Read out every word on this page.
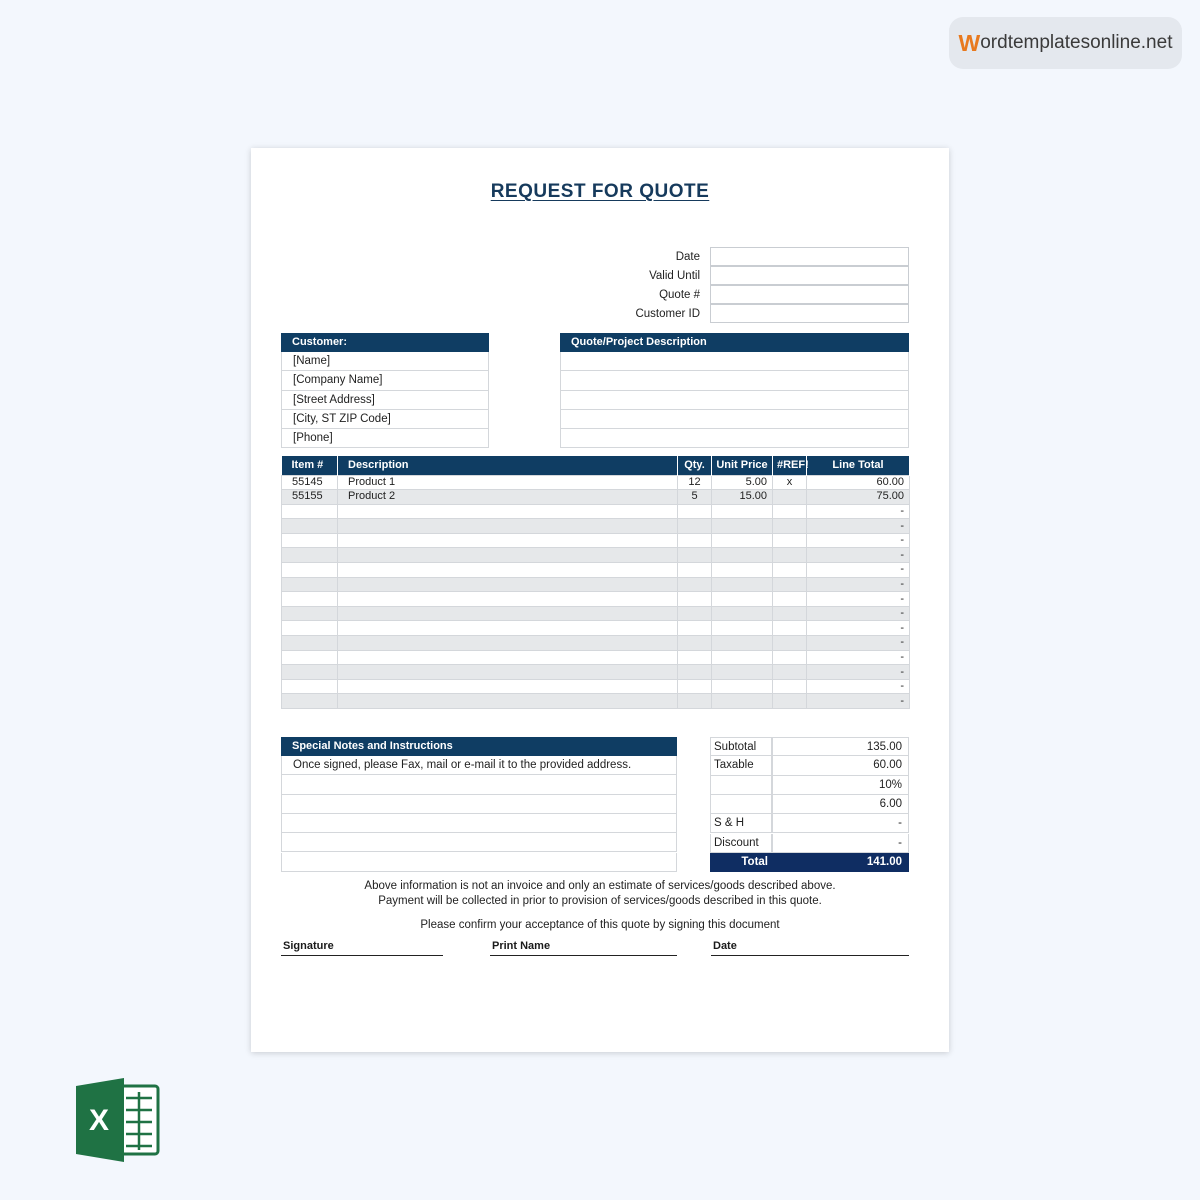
W ordtemplatesonline.net
REQUEST FOR QUOTE
Date
Valid Until
Quote #
Customer ID
Customer:
[Name]
[Company Name]
[Street Address]
[City, ST ZIP Code]
[Phone]
Quote/Project Description
Item #	Description	Qty.	Unit Price	#REF!	Line Total
55145	Product 1	12	5.00	x	60.00
55155	Product 2	5	15.00		75.00
					-
					-
					-
					-
					-
					-
					-
					-
					-
					-
					-
					-
					-
					-
Special Notes and Instructions
Once signed, please Fax, mail or e-mail it to the provided address.
Subtotal	135.00
Taxable	60.00
10%
6.00
S & H	-
Discount	-
Total	141.00
Above information is not an invoice and only an estimate of services/goods described above.
Payment will be collected in prior to provision of services/goods described in this quote.
Please confirm your acceptance of this quote by signing this document
Signature	Print Name	Date
X
